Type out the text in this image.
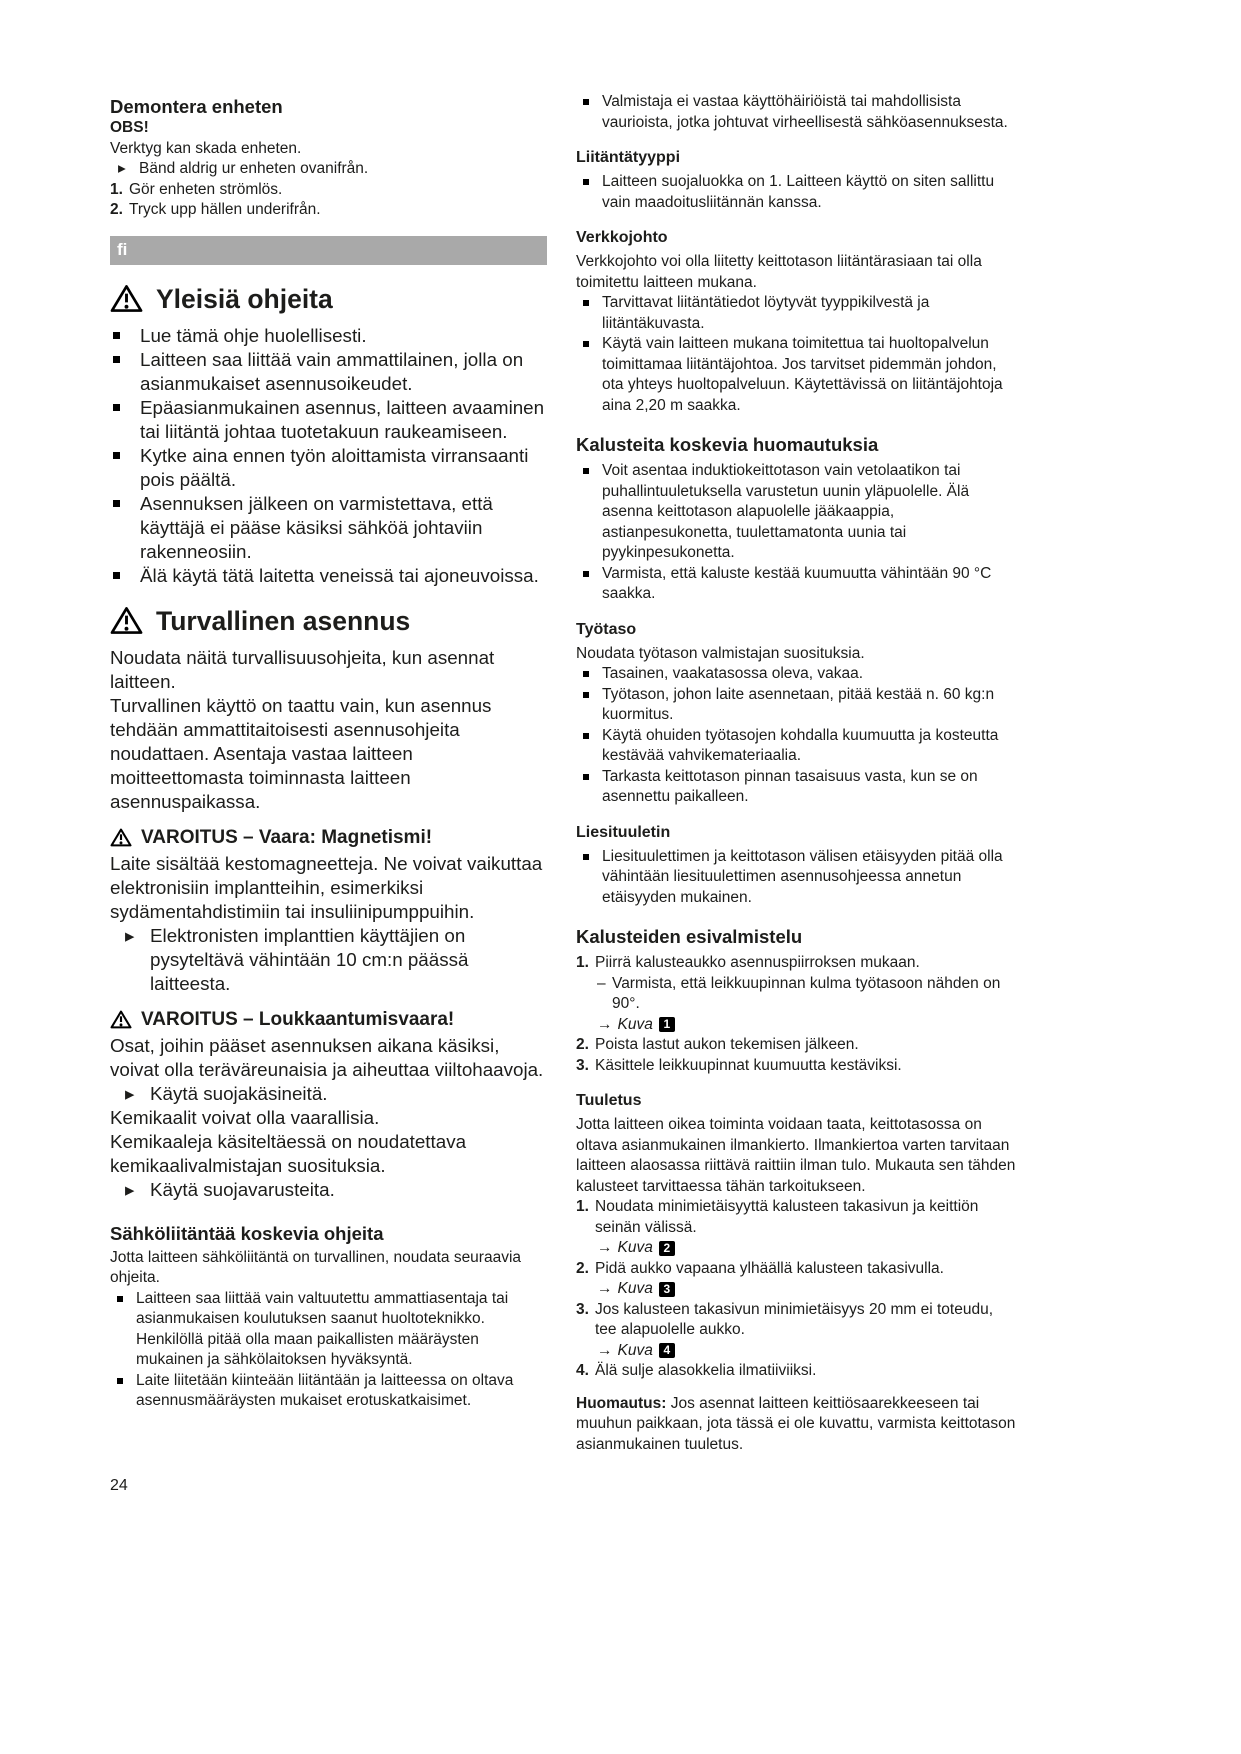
Demontera enheten

OBS!

Verktyg kan skada enheten.

▸ Bänd aldrig ur enheten ovanifrån.
1. Gör enheten strömlös.
2. Tryck upp hällen underifrån.
fi
Yleisiä ohjeita
Lue tämä ohje huolellisesti.
Laitteen saa liittää vain ammattilainen, jolla on asianmukaiset asennusoikeudet.
Epäasianmukainen asennus, laitteen avaaminen tai liitäntä johtaa tuotetakuun raukeamiseen.
Kytke aina ennen työn aloittamista virransaanti pois päältä.
Asennuksen jälkeen on varmistettava, että käyttäjä ei pääse käsiksi sähköä johtaviin rakenneosiin.
Älä käytä tätä laitetta veneissä tai ajoneuvoissa.
Turvallinen asennus

Noudata näitä turvallisuusohjeita, kun asennat laitteen.

Turvallinen käyttö on taattu vain, kun asennus tehdään ammattitaitoisesti asennusohjeita noudattaen. Asentaja vastaa laitteen moitteettomasta toiminnasta laitteen asennuspaikassa.

VAROITUS – Vaara: Magnetismi!

Laite sisältää kestomagneetteja. Ne voivat vaikuttaa elektronisiin implantteihin, esimerkiksi sydämentahdistimiin tai insuliinipumppuihin.

▸ Elektronisten implanttien käyttäjien on pysyteltävä vähintään 10 cm:n päässä laitteesta.
VAROITUS – Loukkaantumisvaara!

Osat, joihin pääset asennuksen aikana käsiksi, voivat olla teräväreunaisia ja aiheuttaa viiltohaavoja.

▸ Käytä suojakäsineitä.

Kemikaalit voivat olla vaarallisia.

Kemikaaleja käsiteltäessä on noudatettava kemikaalivalmistajan suosituksia.

▸ Käytä suojavarusteita.
Sähköliitäntää koskevia ohjeita

Jotta laitteen sähköliitäntä on turvallinen, noudata seuraavia ohjeita.

Laitteen saa liittää vain valtuutettu ammattiasentaja tai asianmukaisen koulutuksen saanut huoltoteknikko. Henkilöllä pitää olla maan paikallisten määräysten mukainen ja sähkölaitoksen hyväksyntä.
Laite liitetään kiinteään liitäntään ja laitteessa on oltava asennusmääräysten mukaiset erotuskatkaisimet.
Valmistaja ei vastaa käyttöhäiriöistä tai mahdollisista vaurioista, jotka johtuvat virheellisestä sähköasennuksesta.
Liitäntätyyppi
Laitteen suojaluokka on 1. Laitteen käyttö on siten sallittu vain maadoitusliitännän kanssa.
Verkkojohto

Verkkojohto voi olla liitetty keittotason liitäntärasiaan tai olla toimitettu laitteen mukana.

Tarvittavat liitäntätiedot löytyvät tyyppikilvestä ja liitäntäkuvasta.
Käytä vain laitteen mukana toimitettua tai huoltopalvelun toimittamaa liitäntäjohtoa. Jos tarvitset pidemmän johdon, ota yhteys huoltopalveluun. Käytettävissä on liitäntäjohtoja aina 2,20 m saakka.
Kalusteita koskevia huomautuksia
Voit asentaa induktiokeittotason vain vetolaatikon tai puhallintuuletuksella varustetun uunin yläpuolelle. Älä asenna keittotason alapuolelle jääkaappia, astianpesukonetta, tuulettamatonta uunia tai pyykinpesukonetta.
Varmista, että kaluste kestää kuumuutta vähintään 90 °C saakka.
Työtaso

Noudata työtason valmistajan suosituksia.

Tasainen, vaakatasossa oleva, vakaa.
Työtason, johon laite asennetaan, pitää kestää n. 60 kg:n kuormitus.
Käytä ohuiden työtasojen kohdalla kuumuutta ja kosteutta kestävää vahvikemateriaalia.
Tarkasta keittotason pinnan tasaisuus vasta, kun se on asennettu paikalleen.
Liesituuletin
Liesituulettimen ja keittotason välisen etäisyyden pitää olla vähintään liesituulettimen asennusohjeessa annetun etäisyyden mukainen.
Kalusteiden esivalmistelu
1. Piirrä kalusteaukko asennuspiirroksen mukaan.
– Varmista, että leikkuupinnan kulma työtasoon nähden on 90°.
→ Kuva 1
2. Poista lastut aukon tekemisen jälkeen.
3. Käsittele leikkuupinnat kuumuutta kestäviksi.
Tuuletus

Jotta laitteen oikea toiminta voidaan taata, keittotasossa on oltava asianmukainen ilmankierto. Ilmankiertoa varten tarvitaan laitteen alaosassa riittävä raittiin ilman tulo. Mukauta sen tähden kalusteet tarvittaessa tähän tarkoitukseen.

1. Noudata minimietäisyyttä kalusteen takasivun ja keittiön seinän välissä.
→ Kuva 2
2. Pidä aukko vapaana ylhäällä kalusteen takasivulla.
→ Kuva 3
3. Jos kalusteen takasivun minimietäisyys 20 mm ei toteudu, tee alapuolelle aukko.
→ Kuva 4
4. Älä sulje alasokkelia ilmatiiviiksi.

Huomautus: Jos asennat laitteen keittiösaarekkeeseen tai muuhun paikkaan, jota tässä ei ole kuvattu, varmista keittotason asianmukainen tuuletus.

24
